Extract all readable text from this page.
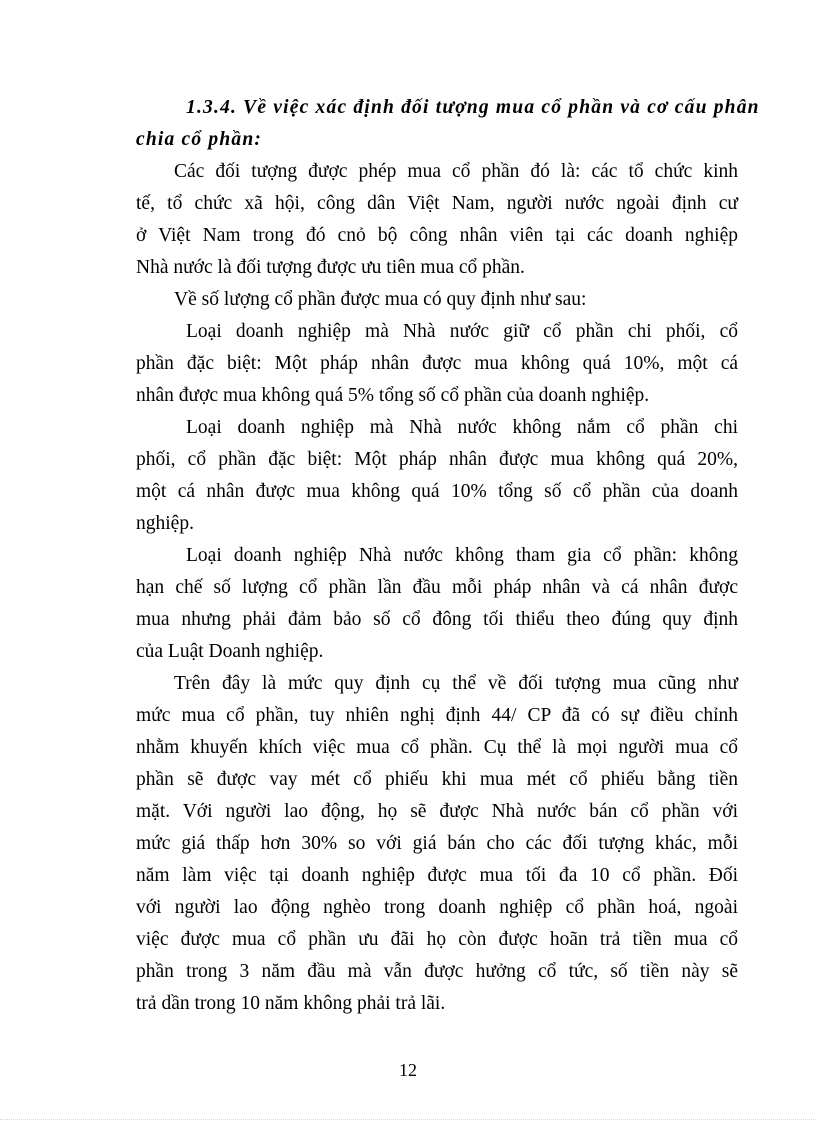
1.3.4. Về việc xác định đối tượng mua cổ phần và cơ cấu phân

chia cổ phần:

Các đối tượng được phép mua cổ phần đó là: các tổ chức kinh

tế, tổ chức xã hội, công dân Việt Nam, người nước ngoài định cư

ở Việt Nam trong đó cnỏ bộ công nhân viên tại các doanh nghiệp

Nhà nước là đối tượng được ưu tiên mua cổ phần.

Về số lượng cổ phần được mua có quy định như sau:

Loại doanh nghiệp mà Nhà nước giữ cổ phần chi phối, cổ

phần đặc biệt: Một pháp nhân được mua không quá 10%, một cá

nhân được mua không quá 5% tổng số cổ phần của doanh nghiệp.

Loại doanh nghiệp mà Nhà nước không nắm cổ phần chi

phối, cổ phần đặc biệt: Một pháp nhân được mua không quá 20%,

một cá nhân được mua không quá 10% tổng số cổ phần của doanh

nghiệp.

Loại doanh nghiệp Nhà nước không tham gia cổ phần: không

hạn chế số lượng cổ phần lần đầu mỗi pháp nhân và cá nhân được

mua nhưng phải đảm bảo số cổ đông tối thiểu theo đúng quy định

của Luật Doanh nghiệp.

Trên đây là mức quy định cụ thể về đối tượng mua cũng như

mức mua cổ phần, tuy nhiên nghị định 44/ CP đã có sự điều chỉnh

nhằm khuyến khích việc mua cổ phần. Cụ thể là mọi người mua cổ

phần sẽ được vay mét cổ phiếu khi mua mét cổ phiếu bằng tiền

mặt. Với người lao động, họ sẽ được Nhà nước bán cổ phần với

mức giá thấp hơn 30% so với giá bán cho các đối tượng khác, mỗi

năm làm việc tại doanh nghiệp được mua tối đa 10 cổ phần. Đối

với người lao động nghèo trong doanh nghiệp cổ phần hoá, ngoài

việc được mua cổ phần ưu đãi họ còn được hoãn trả tiền mua cổ

phần trong 3 năm đầu mà vẫn được hưởng cổ tức, số tiền này sẽ

trả dần trong 10 năm không phải trả lãi.

12
